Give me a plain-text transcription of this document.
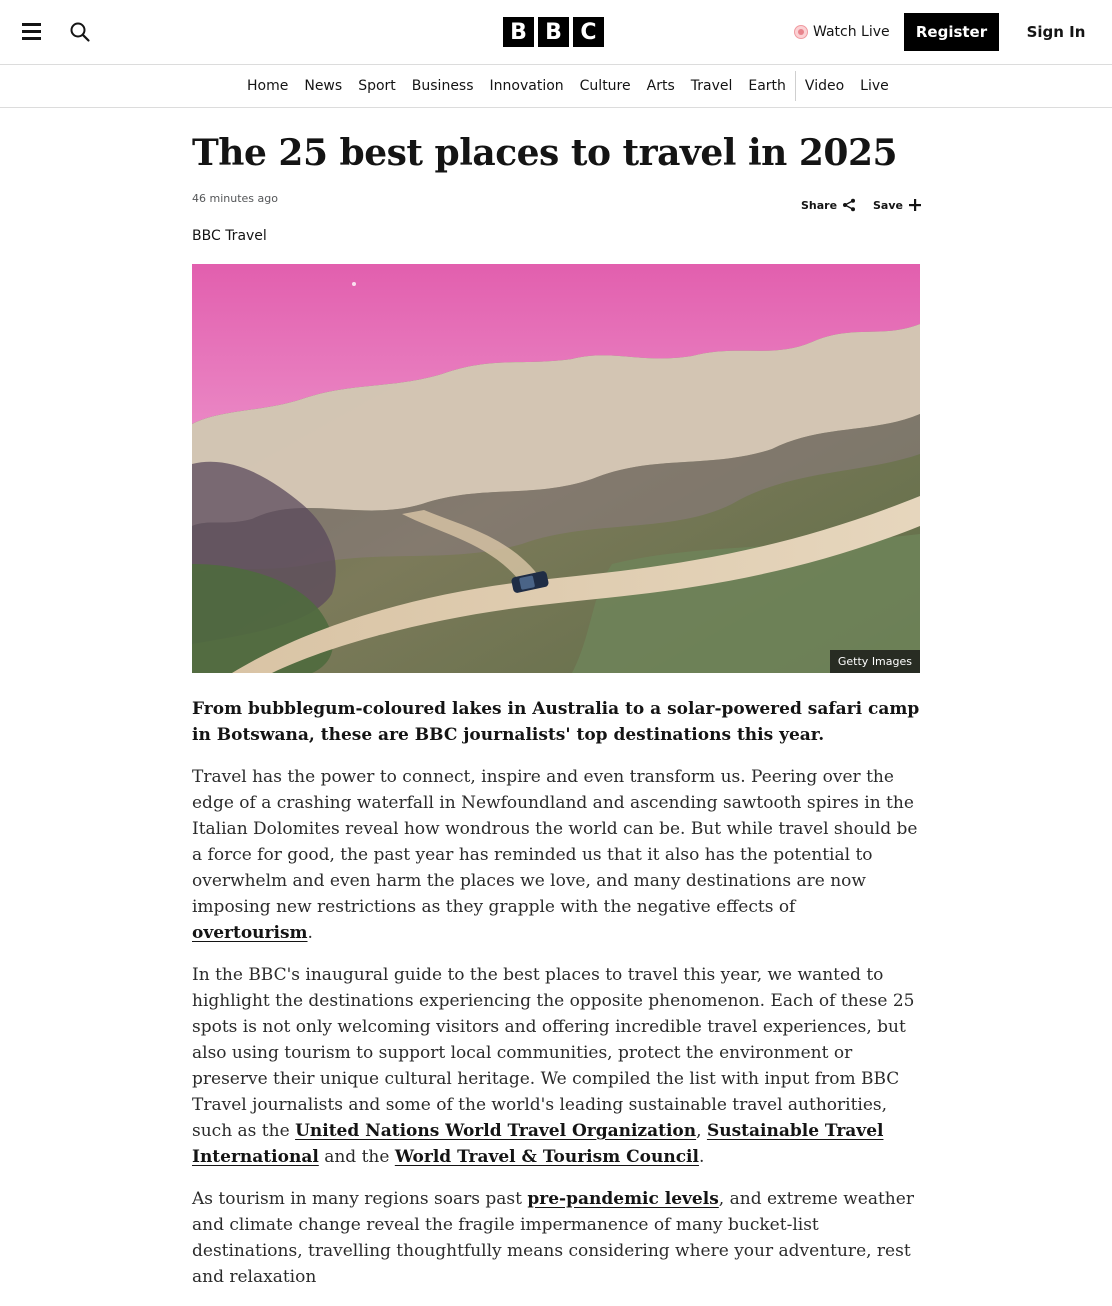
B B C	Watch Live	Register	Sign In
Home	News	Sport	Business	Innovation	Culture	Arts	Travel	Earth	Video	Live
The 25 best places to travel in 2025
46 minutes ago	Share	Save
BBC Travel
Getty Images

From bubblegum-coloured lakes in Australia to a solar-powered safari camp in Botswana, these are BBC journalists' top destinations this year.

Travel has the power to connect, inspire and even transform us. Peering over the edge of a crashing waterfall in Newfoundland and ascending sawtooth spires in the Italian Dolomites reveal how wondrous the world can be. But while travel should be a force for good, the past year has reminded us that it also has the potential to overwhelm and even harm the places we love, and many destinations are now imposing new restrictions as they grapple with the negative effects of overtourism.

In the BBC's inaugural guide to the best places to travel this year, we wanted to highlight the destinations experiencing the opposite phenomenon. Each of these 25 spots is not only welcoming visitors and offering incredible travel experiences, but also using tourism to support local communities, protect the environment or preserve their unique cultural heritage. We compiled the list with input from BBC Travel journalists and some of the world's leading sustainable travel authorities, such as the United Nations World Travel Organization, Sustainable Travel International and the World Travel & Tourism Council.

As tourism in many regions soars past pre-pandemic levels, and extreme weather and climate change reveal the fragile impermanence of many bucket-list destinations, travelling thoughtfully means considering where your adventure, rest and relaxation
